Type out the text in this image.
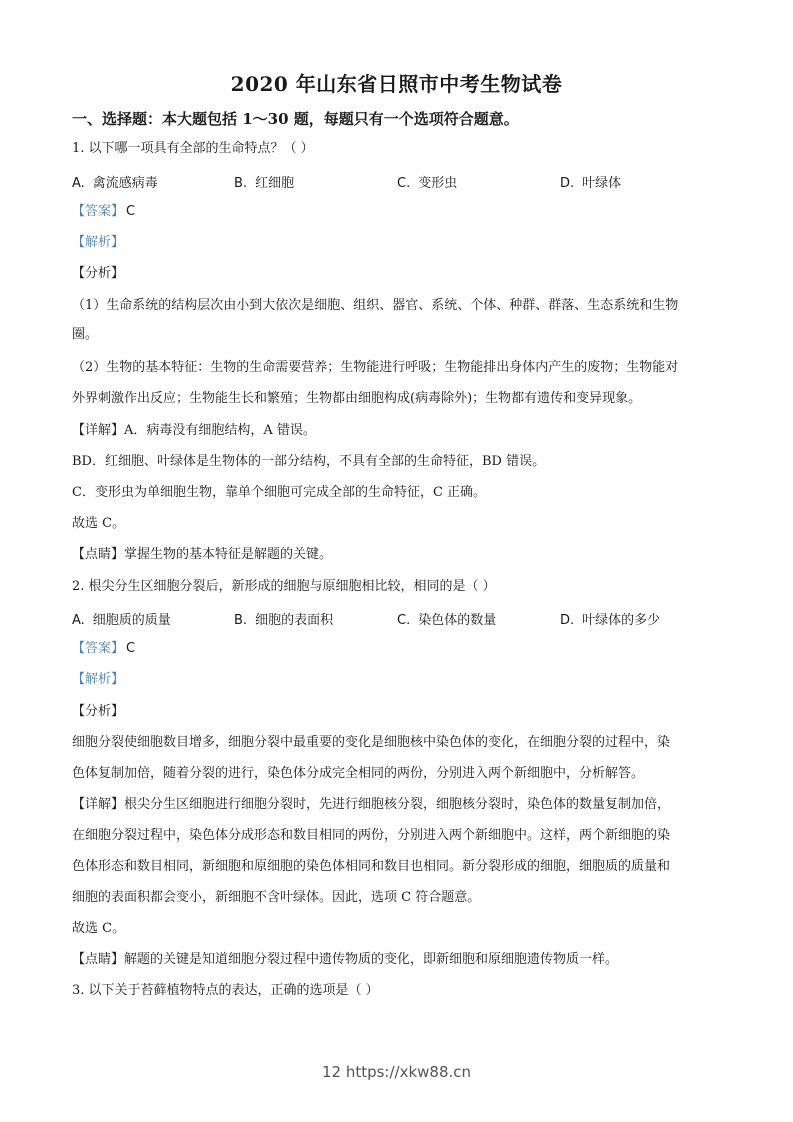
2020 年山东省日照市中考生物试卷
一、选择题：本大题包括 1～30 题，每题只有一个选项符合题意。
1. 以下哪一项具有全部的生命特点？（ ）
A. 禽流感病毒	B. 红细胞	C. 变形虫	D. 叶绿体
【答案】 C
【解析】
【分析】
（1）生命系统的结构层次由小到大依次是细胞、组织、器官、系统、个体、种群、群落、生态系统和生物
圈。
（2）生物的基本特征：生物的生命需要营养；生物能进行呼吸；生物能排出身体内产生的废物；生物能对
外界刺激作出反应；生物能生长和繁殖；生物都由细胞构成(病毒除外)；生物都有遗传和变异现象。
【详解】A．病毒没有细胞结构，A 错误。
BD．红细胞、叶绿体是生物体的一部分结构，不具有全部的生命特征，BD 错误。
C．变形虫为单细胞生物，靠单个细胞可完成全部的生命特征，C 正确。
故选 C。
【点睛】掌握生物的基本特征是解题的关键。
2. 根尖分生区细胞分裂后，新形成的细胞与原细胞相比较，相同的是（ ）
A. 细胞质的质量	B. 细胞的表面积	C. 染色体的数量	D. 叶绿体的多少
【答案】 C
【解析】
【分析】
细胞分裂使细胞数目增多，细胞分裂中最重要的变化是细胞核中染色体的变化，在细胞分裂的过程中，染
色体复制加倍，随着分裂的进行，染色体分成完全相同的两份，分别进入两个新细胞中，分析解答。
【详解】根尖分生区细胞进行细胞分裂时，先进行细胞核分裂，细胞核分裂时，染色体的数量复制加倍，
在细胞分裂过程中，染色体分成形态和数目相同的两份，分别进入两个新细胞中。这样，两个新细胞的染
色体形态和数目相同，新细胞和原细胞的染色体相同和数目也相同。新分裂形成的细胞，细胞质的质量和
细胞的表面积都会变小，新细胞不含叶绿体。因此，选项 C 符合题意。
故选 C。
【点睛】解题的关键是知道细胞分裂过程中遗传物质的变化，即新细胞和原细胞遗传物质一样。
3. 以下关于苔藓植物特点的表达，正确的选项是（ ）
12 https://xkw88.cn
